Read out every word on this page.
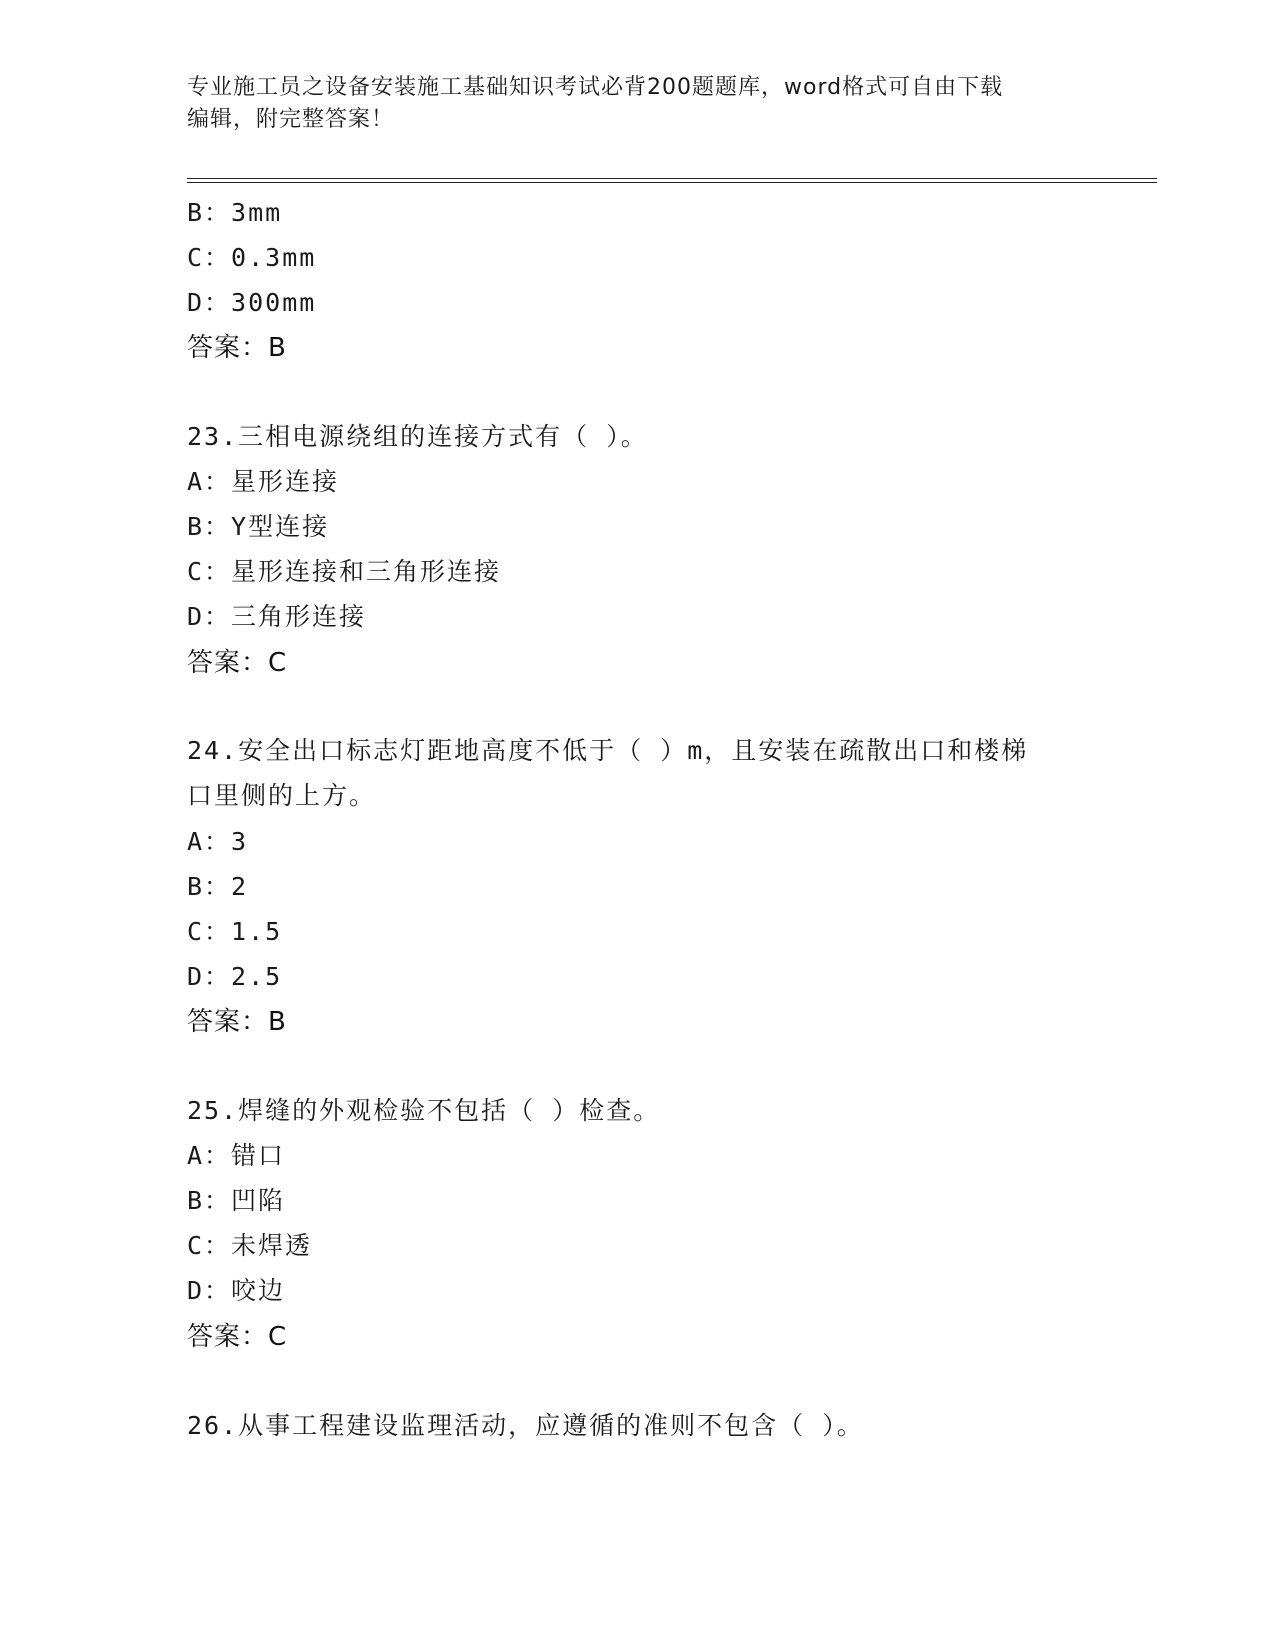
专业施工员之设备安装施工基础知识考试必背200题题库，word格式可自由下载
编辑，附完整答案！
B：3mm
C：0.3mm
D：300mm
答案：B
23.三相电源绕组的连接方式有（ ）。
A：星形连接
B：Y型连接
C：星形连接和三角形连接
D：三角形连接
答案：C
24.安全出口标志灯距地高度不低于（ ）m，且安装在疏散出口和楼梯
口里侧的上方。
A：3
B：2
C：1.5
D：2.5
答案：B
25.焊缝的外观检验不包括（ ）检查。
A：错口
B：凹陷
C：未焊透
D：咬边
答案：C
26.从事工程建设监理活动，应遵循的准则不包含（ ）。
